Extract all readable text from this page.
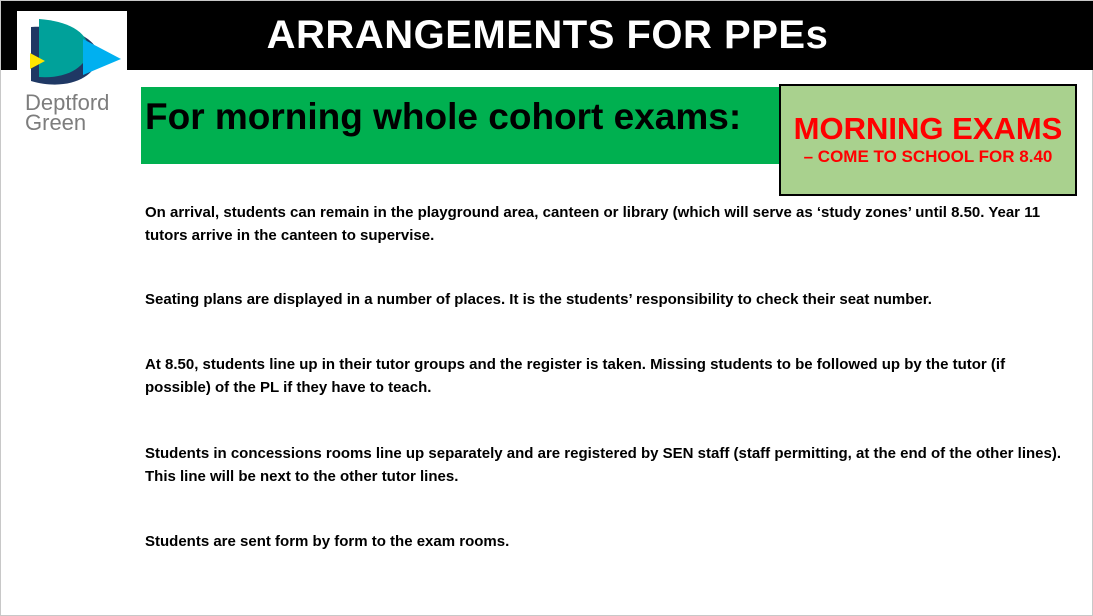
ARRANGEMENTS FOR PPEs
Deptford
Green For morning whole cohort exams:	MORNING EXAMS
– COME TO SCHOOL FOR 8.40
On arrival, students can remain in the playground area, canteen or library (which will serve as ‘study zones’ until 8.50. Year 11 tutors arrive in the canteen to supervise.
Seating plans are displayed in a number of places. It is the students’ responsibility to check their seat number.
At 8.50, students line up in their tutor groups and the register is taken. Missing students to be followed up by the tutor (if possible) of the PL if they have to teach.
Students in concessions rooms line up separately and are registered by SEN staff (staff permitting, at the end of the other lines). This line will be next to the other tutor lines.
Students are sent form by form to the exam rooms.
